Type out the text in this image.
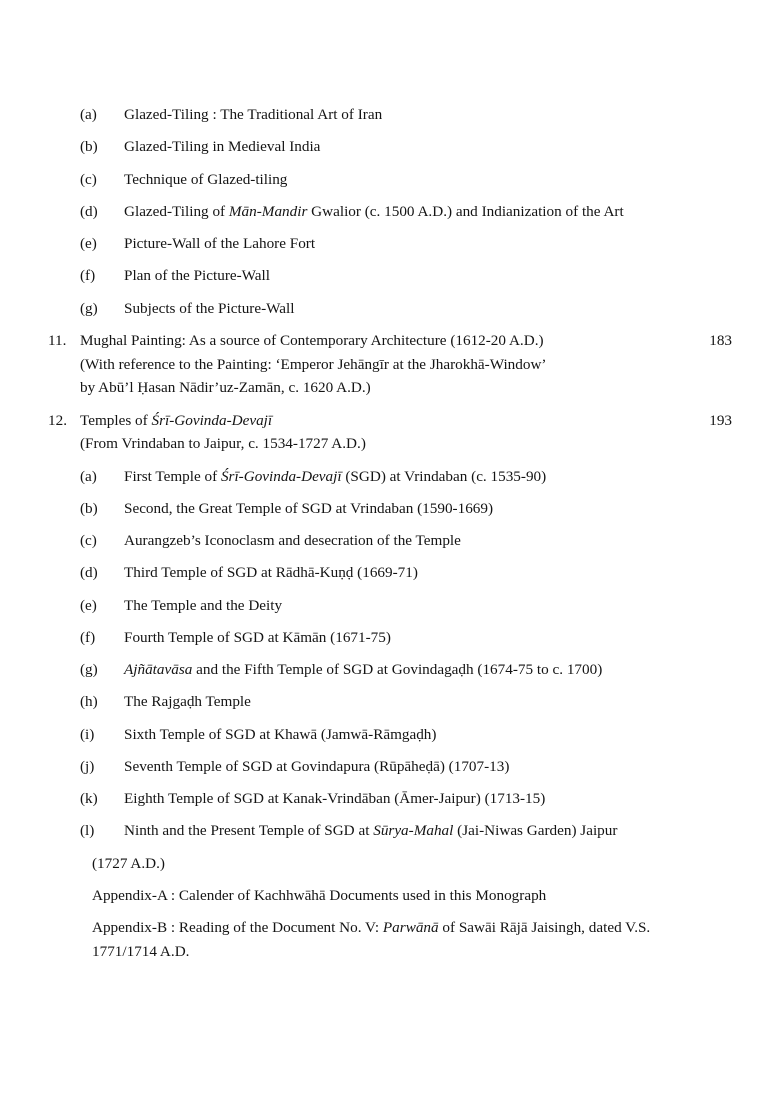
(a)	Glazed-Tiling : The Traditional Art of Iran
(b)	Glazed-Tiling in Medieval India
(c)	Technique of Glazed-tiling
(d)	Glazed-Tiling of Mān-Mandir Gwalior (c. 1500 A.D.) and Indianization of the Art
(e)	Picture-Wall of the Lahore Fort
(f)	Plan of the Picture-Wall
(g)	Subjects of the Picture-Wall
11. Mughal Painting: As a source of Contemporary Architecture (1612-20 A.D.)	183
(With reference to the Painting: ‘Emperor Jehāngīr at the Jharokhā-Window’
by Abū’l Ḥasan Nādir’uz-Zamān, c. 1620 A.D.)
12. Temples of Śrī-Govinda-Devajī	193
(From Vrindaban to Jaipur, c. 1534-1727 A.D.)
(a)	First Temple of Śrī-Govinda-Devajī (SGD) at Vrindaban (c. 1535-90)
(b)	Second, the Great Temple of SGD at Vrindaban (1590-1669)
(c)	Aurangzeb’s Iconoclasm and desecration of the Temple
(d)	Third Temple of SGD at Rādhā-Kuṇḍ (1669-71)
(e)	The Temple and the Deity
(f)	Fourth Temple of SGD at Kāmān (1671-75)
(g)	Ajñātavāsa and the Fifth Temple of SGD at Govindagaḍh (1674-75 to c. 1700)
(h)	The Rajgaḍh Temple
(i)	Sixth Temple of SGD at Khawā (Jamwā-Rāmgaḍh)
(j)	Seventh Temple of SGD at Govindapura (Rūpāheḍā) (1707-13)
(k)	Eighth Temple of SGD at Kanak-Vrindāban (Āmer-Jaipur) (1713-15)
(l)	Ninth and the Present Temple of SGD at Sūrya-Mahal (Jai-Niwas Garden) Jaipur
(1727 A.D.)
Appendix-A : Calender of Kachhwāhā Documents used in this Monograph
Appendix-B : Reading of the Document No. V: Parwānā of Sawāi Rājā Jaisingh, dated V.S.
1771/1714 A.D.
